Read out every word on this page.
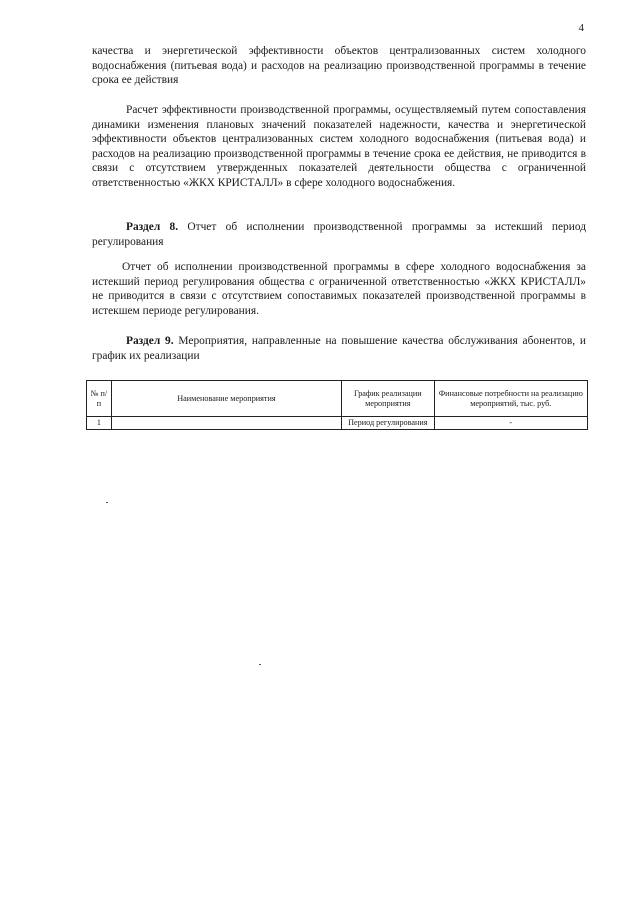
4

качества и энергетической эффективности объектов централизованных систем холодного водоснабжения (питьевая вода) и расходов на реализацию производственной программы в течение срока ее действия

Расчет эффективности производственной программы, осуществляемый путем сопоставления динамики изменения плановых значений показателей надежности, качества и энергетической эффективности объектов централизованных систем холодного водоснабжения (питьевая вода) и расходов на реализацию производственной программы в течение срока ее действия, не приводится в связи с отсутствием утвержденных показателей деятельности общества с ограниченной ответственностью «ЖКХ КРИСТАЛЛ» в сфере холодного водоснабжения.

Раздел 8. Отчет об исполнении производственной программы за истекший период регулирования

Отчет об исполнении производственной программы в сфере холодного водоснабжения за истекший период регулирования общества с ограниченной ответственностью «ЖКХ КРИСТАЛЛ» не приводится в связи с отсутствием сопоставимых показателей производственной программы в истекшем периоде регулирования.

Раздел 9. Мероприятия, направленные на повышение качества обслуживания абонентов, и график их реализации

№ п/п	Наименование мероприятия	График реализации мероприятия	Финансовые потребности на реализацию мероприятий, тыс. руб.
1		Период регулирования	-
